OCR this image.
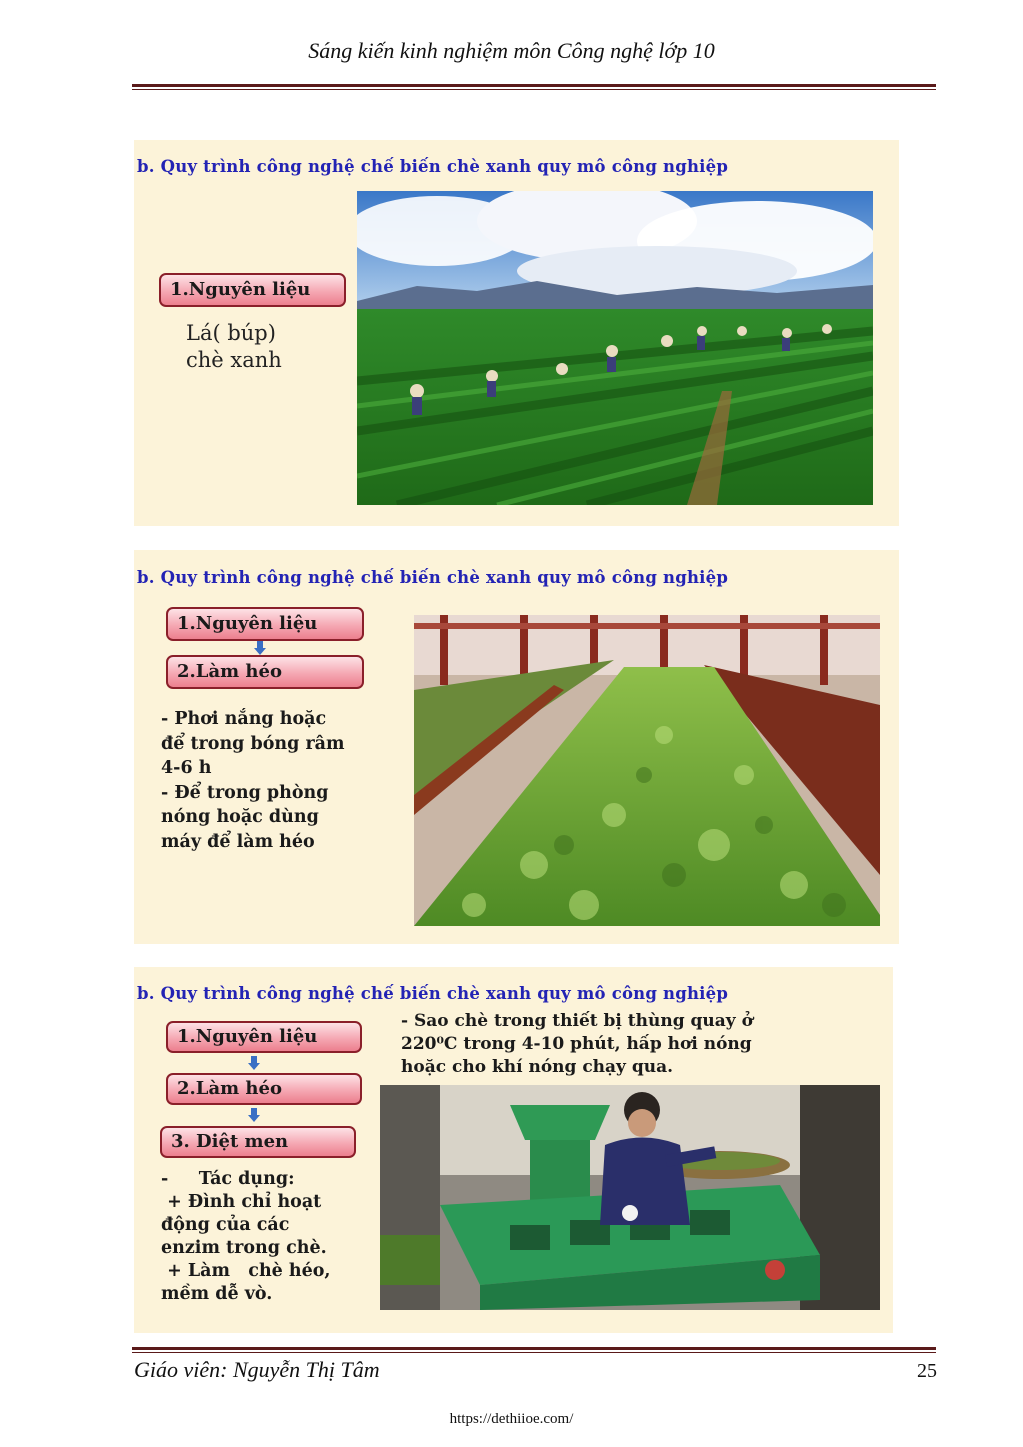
Sáng kiến kinh nghiệm môn Công nghệ lớp 10
b. Quy trình công nghệ chế biến chè xanh quy mô công nghiệp
1.Nguyên liệu
Lá( búp)
chè xanh
b. Quy trình công nghệ chế biến chè xanh quy mô công nghiệp
1.Nguyên liệu
2.Làm héo
- Phơi nắng hoặc
để trong bóng râm
4-6 h
- Để trong phòng
nóng hoặc dùng
máy để làm héo
b. Quy trình công nghệ chế biến chè xanh quy mô công nghiệp
1.Nguyên liệu
2.Làm héo
3. Diệt men
- Sao chè trong thiết bị thùng quay ở
220⁰C trong 4-10 phút, hấp hơi nóng
hoặc cho khí nóng chạy qua.
-     Tác dụng:
+ Đình chỉ hoạt
động của các
enzim trong chè.
+ Làm   chè héo,
mềm dễ vò.
Giáo viên: Nguyễn Thị Tâm	25
https://dethiioe.com/
